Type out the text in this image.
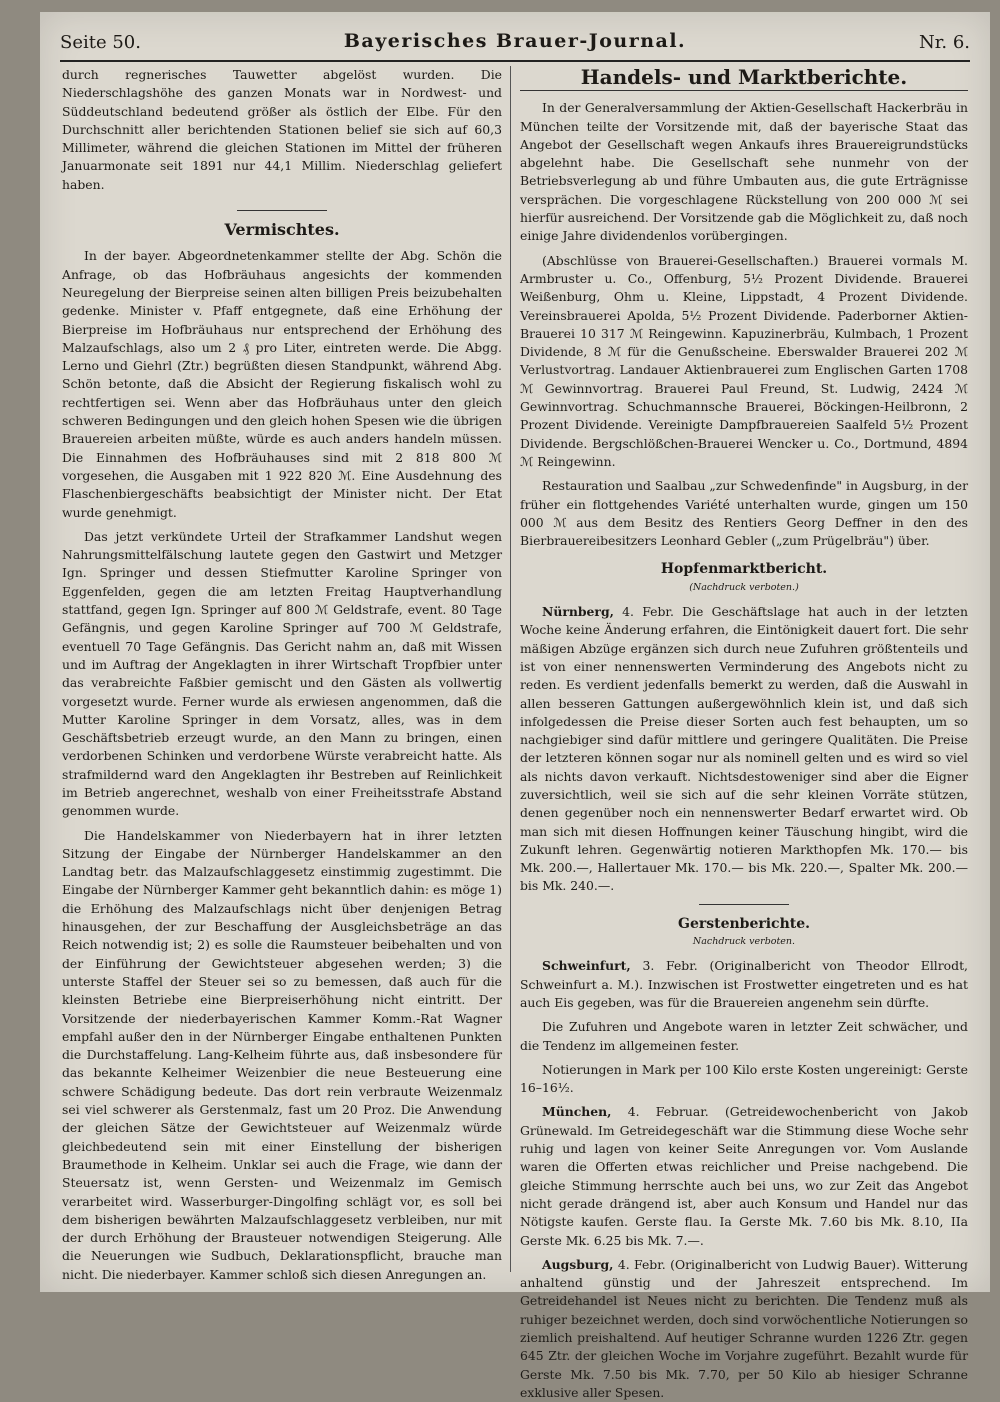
Seite 50.	Bayerisches Brauer-Journal.	Nr. 6.

durch regnerisches Tauwetter abgelöst wurden. Die Niederschlagshöhe des ganzen Monats war in Nordwest- und Süddeutschland bedeutend größer als östlich der Elbe. Für den Durchschnitt aller berichtenden Stationen belief sie sich auf 60,3 Millimeter, während die gleichen Stationen im Mittel der früheren Januarmonate seit 1891 nur 44,1 Millim. Niederschlag geliefert haben.

Vermischtes.

In der bayer. Abgeordnetenkammer stellte der Abg. Schön die Anfrage, ob das Hofbräuhaus angesichts der kommenden Neuregelung der Bierpreise seinen alten billigen Preis beizubehalten gedenke. Minister v. Pfaff entgegnete, daß eine Erhöhung der Bierpreise im Hofbräuhaus nur entsprechend der Erhöhung des Malzaufschlags, also um 2 ₰ pro Liter, eintreten werde. Die Abgg. Lerno und Giehrl (Ztr.) begrüßten diesen Standpunkt, während Abg. Schön betonte, daß die Absicht der Regierung fiskalisch wohl zu rechtfertigen sei. Wenn aber das Hofbräuhaus unter den gleich schweren Bedingungen und den gleich hohen Spesen wie die übrigen Brauereien arbeiten müßte, würde es auch anders handeln müssen. Die Einnahmen des Hofbräuhauses sind mit 2 818 800 ℳ vorgesehen, die Ausgaben mit 1 922 820 ℳ. Eine Ausdehnung des Flaschenbiergeschäfts beabsichtigt der Minister nicht. Der Etat wurde genehmigt.

Das jetzt verkündete Urteil der Strafkammer Landshut wegen Nahrungsmittelfälschung lautete gegen den Gastwirt und Metzger Ign. Springer und dessen Stiefmutter Karoline Springer von Eggenfelden, gegen die am letzten Freitag Hauptverhandlung stattfand, gegen Ign. Springer auf 800 ℳ Geldstrafe, event. 80 Tage Gefängnis, und gegen Karoline Springer auf 700 ℳ Geldstrafe, eventuell 70 Tage Gefängnis. Das Gericht nahm an, daß mit Wissen und im Auftrag der Angeklagten in ihrer Wirtschaft Tropfbier unter das verabreichte Faßbier gemischt und den Gästen als vollwertig vorgesetzt wurde. Ferner wurde als erwiesen angenommen, daß die Mutter Karoline Springer in dem Vorsatz, alles, was in dem Geschäftsbetrieb erzeugt wurde, an den Mann zu bringen, einen verdorbenen Schinken und verdorbene Würste verabreicht hatte. Als strafmildernd ward den Angeklagten ihr Bestreben auf Reinlichkeit im Betrieb angerechnet, weshalb von einer Freiheitsstrafe Abstand genommen wurde.

Die Handelskammer von Niederbayern hat in ihrer letzten Sitzung der Eingabe der Nürnberger Handelskammer an den Landtag betr. das Malzaufschlaggesetz einstimmig zugestimmt. Die Eingabe der Nürnberger Kammer geht bekanntlich dahin: es möge 1) die Erhöhung des Malzaufschlags nicht über denjenigen Betrag hinausgehen, der zur Beschaffung der Ausgleichsbeträge an das Reich notwendig ist; 2) es solle die Raumsteuer beibehalten und von der Einführung der Gewichtsteuer abgesehen werden; 3) die unterste Staffel der Steuer sei so zu bemessen, daß auch für die kleinsten Betriebe eine Bierpreiserhöhung nicht eintritt. Der Vorsitzende der niederbayerischen Kammer Komm.-Rat Wagner empfahl außer den in der Nürnberger Eingabe enthaltenen Punkten die Durchstaffelung. Lang-Kelheim führte aus, daß insbesondere für das bekannte Kelheimer Weizenbier die neue Besteuerung eine schwere Schädigung bedeute. Das dort rein verbraute Weizenmalz sei viel schwerer als Gerstenmalz, fast um 20 Proz. Die Anwendung der gleichen Sätze der Gewichtsteuer auf Weizenmalz würde gleichbedeutend sein mit einer Einstellung der bisherigen Braumethode in Kelheim. Unklar sei auch die Frage, wie dann der Steuersatz ist, wenn Gersten- und Weizenmalz im Gemisch verarbeitet wird. Wasserburger-Dingolfing schlägt vor, es soll bei dem bisherigen bewährten Malzaufschlaggesetz verbleiben, nur mit der durch Erhöhung der Brausteuer notwendigen Steigerung. Alle die Neuerungen wie Sudbuch, Deklarationspflicht, brauche man nicht. Die niederbayer. Kammer schloß sich diesen Anregungen an.

Handels- und Marktberichte.

In der Generalversammlung der Aktien-Gesellschaft Hackerbräu in München teilte der Vorsitzende mit, daß der bayerische Staat das Angebot der Gesellschaft wegen Ankaufs ihres Brauereigrundstücks abgelehnt habe. Die Gesellschaft sehe nunmehr von der Betriebsverlegung ab und führe Umbauten aus, die gute Erträgnisse versprächen. Die vorgeschlagene Rückstellung von 200 000 ℳ sei hierfür ausreichend. Der Vorsitzende gab die Möglichkeit zu, daß noch einige Jahre dividendenlos vorübergingen.

(Abschlüsse von Brauerei-Gesellschaften.) Brauerei vormals M. Armbruster u. Co., Offenburg, 5½ Prozent Dividende. Brauerei Weißenburg, Ohm u. Kleine, Lippstadt, 4 Prozent Dividende. Vereinsbrauerei Apolda, 5½ Prozent Dividende. Paderborner Aktien-Brauerei 10 317 ℳ Reingewinn. Kapuzinerbräu, Kulmbach, 1 Prozent Dividende, 8 ℳ für die Genußscheine. Eberswalder Brauerei 202 ℳ Verlustvortrag. Landauer Aktienbrauerei zum Englischen Garten 1708 ℳ Gewinnvortrag. Brauerei Paul Freund, St. Ludwig, 2424 ℳ Gewinnvortrag. Schuchmannsche Brauerei, Böckingen-Heilbronn, 2 Prozent Dividende. Vereinigte Dampfbrauereien Saalfeld 5½ Prozent Dividende. Bergschlößchen-Brauerei Wencker u. Co., Dortmund, 4894 ℳ Reingewinn.

Restauration und Saalbau „zur Schwedenfinde" in Augsburg, in der früher ein flottgehendes Variété unterhalten wurde, gingen um 150 000 ℳ aus dem Besitz des Rentiers Georg Deffner in den des Bierbrauereibesitzers Leonhard Gebler („zum Prügelbräu") über.

Hopfenmarktbericht.
(Nachdruck verboten.)

Nürnberg, 4. Febr. Die Geschäftslage hat auch in der letzten Woche keine Änderung erfahren, die Eintönigkeit dauert fort. Die sehr mäßigen Abzüge ergänzen sich durch neue Zufuhren größtenteils und ist von einer nennenswerten Verminderung des Angebots nicht zu reden. Es verdient jedenfalls bemerkt zu werden, daß die Auswahl in allen besseren Gattungen außergewöhnlich klein ist, und daß sich infolgedessen die Preise dieser Sorten auch fest behaupten, um so nachgiebiger sind dafür mittlere und geringere Qualitäten. Die Preise der letzteren können sogar nur als nominell gelten und es wird so viel als nichts davon verkauft. Nichtsdestoweniger sind aber die Eigner zuversichtlich, weil sie sich auf die sehr kleinen Vorräte stützen, denen gegenüber noch ein nennenswerter Bedarf erwartet wird. Ob man sich mit diesen Hoffnungen keiner Täuschung hingibt, wird die Zukunft lehren. Gegenwärtig notieren Markthopfen Mk. 170.— bis Mk. 200.—, Hallertauer Mk. 170.— bis Mk. 220.—, Spalter Mk. 200.— bis Mk. 240.—.

Gerstenberichte.
Nachdruck verboten.

Schweinfurt, 3. Febr. (Originalbericht von Theodor Ellrodt, Schweinfurt a. M.). Inzwischen ist Frostwetter eingetreten und es hat auch Eis gegeben, was für die Brauereien angenehm sein dürfte.

Die Zufuhren und Angebote waren in letzter Zeit schwächer, und die Tendenz im allgemeinen fester.

Notierungen in Mark per 100 Kilo erste Kosten ungereinigt: Gerste 16–16½.

München, 4. Februar. (Getreidewochenbericht von Jakob Grünewald. Im Getreidegeschäft war die Stimmung diese Woche sehr ruhig und lagen von keiner Seite Anregungen vor. Vom Auslande waren die Offerten etwas reichlicher und Preise nachgebend. Die gleiche Stimmung herrschte auch bei uns, wo zur Zeit das Angebot nicht gerade drängend ist, aber auch Konsum und Handel nur das Nötigste kaufen. Gerste flau. Ia Gerste Mk. 7.60 bis Mk. 8.10, IIa Gerste Mk. 6.25 bis Mk. 7.—.

Augsburg, 4. Febr. (Originalbericht von Ludwig Bauer). Witterung anhaltend günstig und der Jahreszeit entsprechend. Im Getreidehandel ist Neues nicht zu berichten. Die Tendenz muß als ruhiger bezeichnet werden, doch sind vorwöchentliche Notierungen so ziemlich preishaltend. Auf heutiger Schranne wurden 1226 Ztr. gegen 645 Ztr. der gleichen Woche im Vorjahre zugeführt. Bezahlt wurde für Gerste Mk. 7.50 bis Mk. 7.70, per 50 Kilo ab hiesiger Schranne exklusive aller Spesen.
